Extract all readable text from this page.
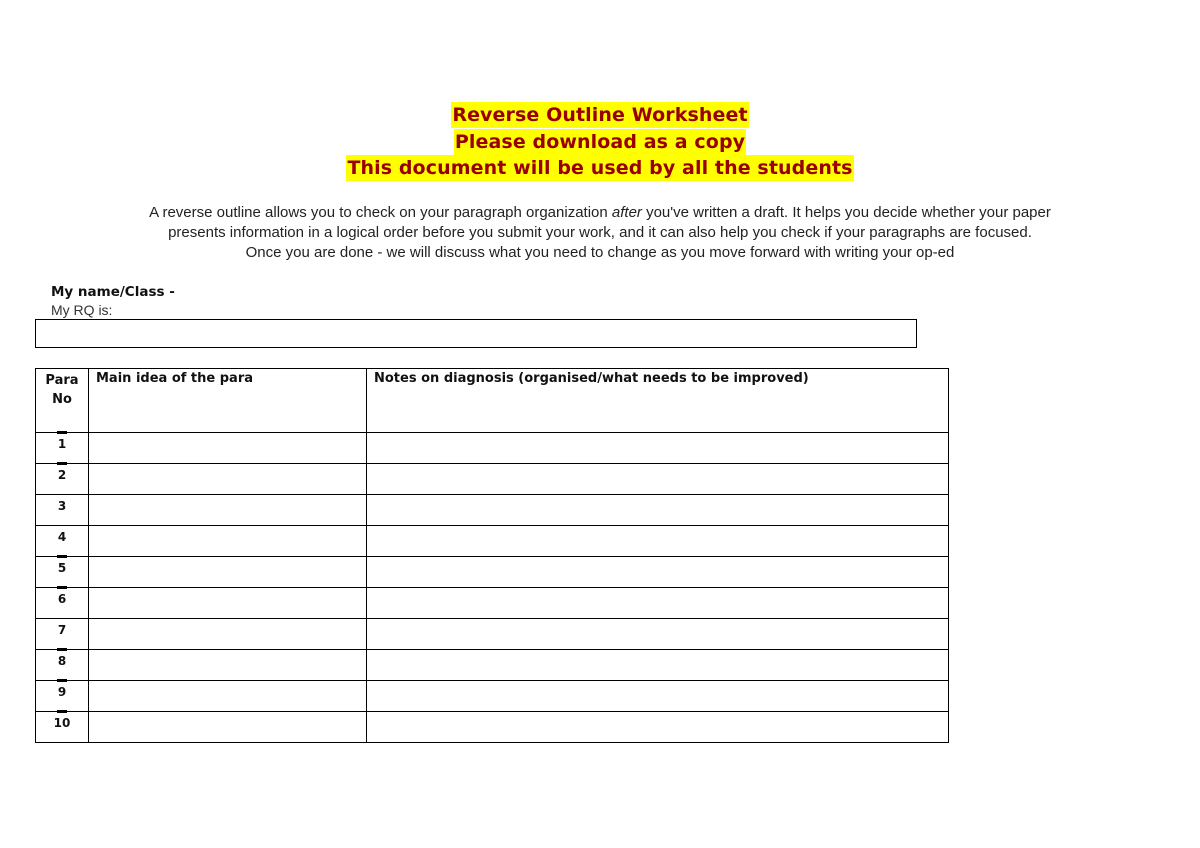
Reverse Outline Worksheet
Please download as a copy
This document will be used by all the students
A reverse outline allows you to check on your paragraph organization after you've written a draft. It helps you decide whether your paper
presents information in a logical order before you submit your work, and it can also help you check if your paragraphs are focused.
Once you are done - we will discuss what you need to change as you move forward with writing your op-ed
My name/Class -
My RQ is:
Para No	Main idea of the para	Notes on diagnosis (organised/what needs to be improved)

1	

2	

3	

4	

5	

6	

7	

8	

9	

10	
